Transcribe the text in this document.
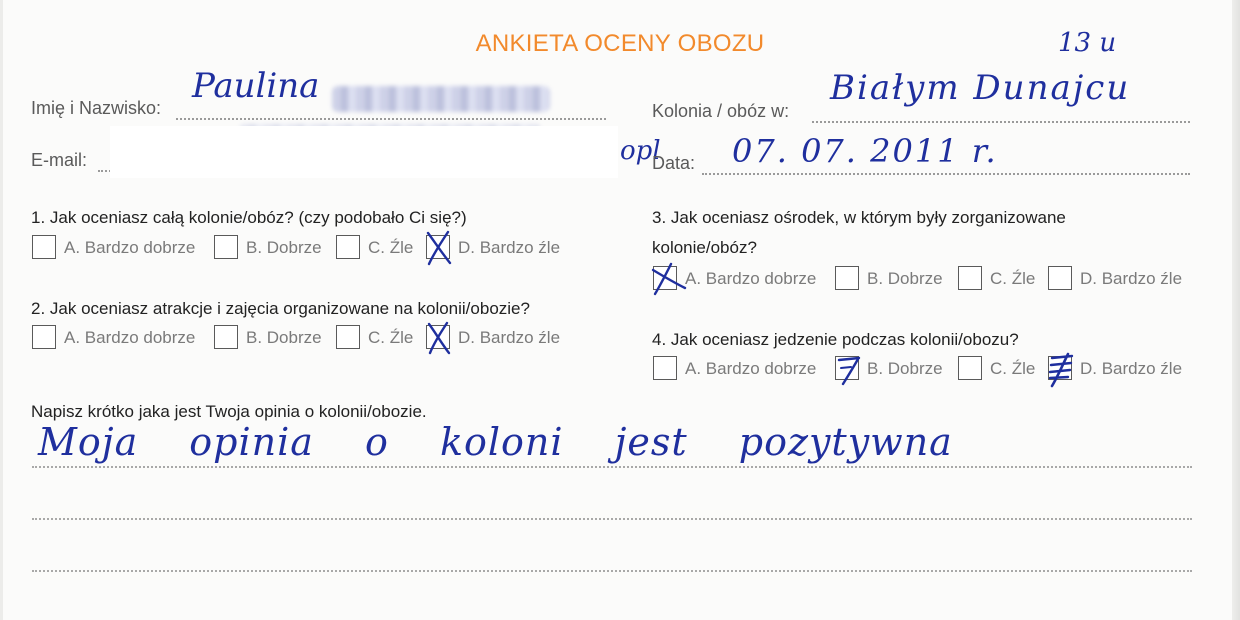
ANKIETA OCENY OBOZU	13 u
Imię i Nazwisko:
Paulina
E-mail:	opl
Kolonia / obóz w:
Białym Dunajcu
Data: 07. 07. 2011 r.
1. Jak oceniasz całą kolonie/obóz? (czy podobało Ci się?)
A. Bardzo dobrze	B. Dobrze	C. Źle	D. Bardzo źle
2. Jak oceniasz atrakcje i zajęcia organizowane na kolonii/obozie?
A. Bardzo dobrze	B. Dobrze	C. Źle	D. Bardzo źle
3. Jak oceniasz ośrodek, w którym były zorganizowane
kolonie/obóz?
A. Bardzo dobrze	B. Dobrze	C. Źle	D. Bardzo źle
4. Jak oceniasz jedzenie podczas kolonii/obozu?
A. Bardzo dobrze	B. Dobrze	C. Źle	D. Bardzo źle
Napisz krótko jaka jest Twoja opinia o kolonii/obozie.
Moja opinia o koloni jest pozytywna
